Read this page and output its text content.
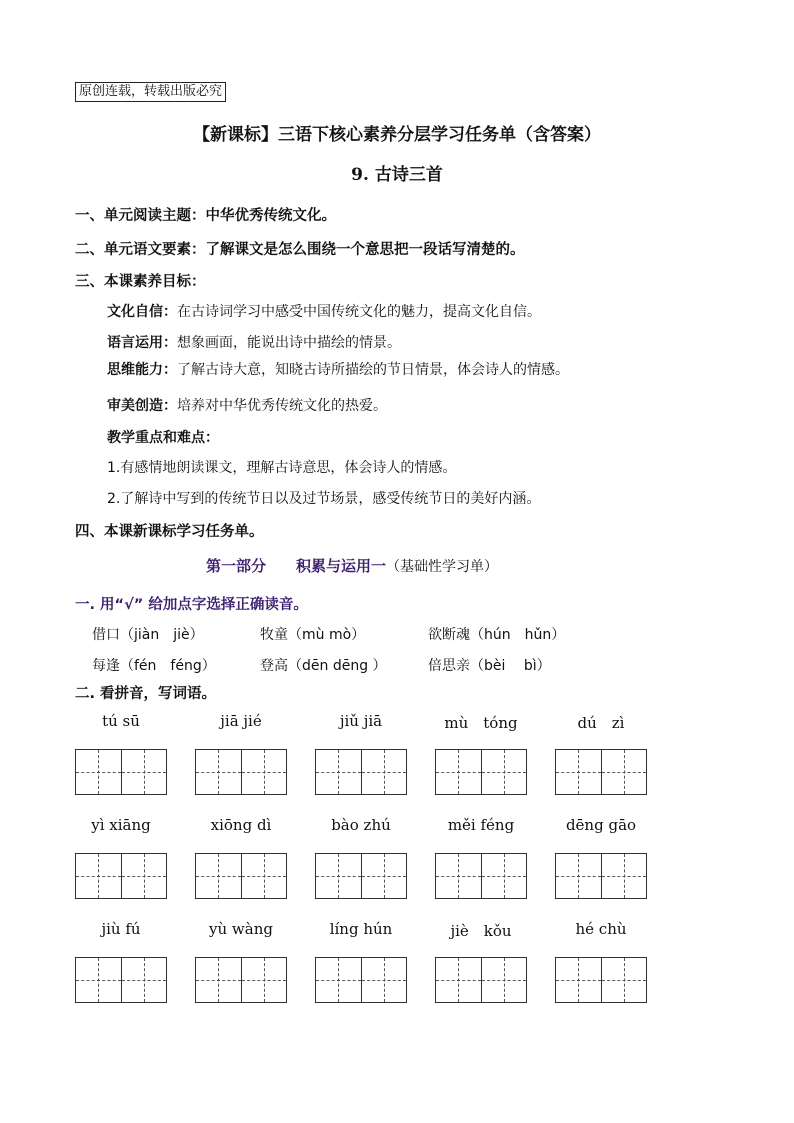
原创连载，转载出版必究
【新课标】三语下核心素养分层学习任务单（含答案）
9. 古诗三首
一、单元阅读主题：中华优秀传统文化。
二、单元语文要素：了解课文是怎么围绕一个意思把一段话写清楚的。
三、本课素养目标：
文化自信：在古诗词学习中感受中国传统文化的魅力，提高文化自信。
语言运用：想象画面，能说出诗中描绘的情景。
思维能力：了解古诗大意，知晓古诗所描绘的节日情景，体会诗人的情感。
审美创造：培养对中华优秀传统文化的热爱。
教学重点和难点：
1.有感情地朗读课文，理解古诗意思，体会诗人的情感。
2.了解诗中写到的传统节日以及过节场景，感受传统节日的美好内涵。
四、本课新课标学习任务单。
第一部分　　积累与运用一（基础性学习单）
一. 用“√” 给加点字选择正确读音。
借口（jiàn　jiè）	牧童（mù mò）	欲断魂（hún　hǔn）
每逢（fén　féng）	登高（dēn dēng ）	倍思亲（bèi　 bì）
二. 看拼音，写词语。
tú sū	jiā jié	jiǔ jiā	mù　tóng	dú　zì
yì xiāng	xiōng dì	bào zhú	měi féng	dēng gāo
jiù fú	yù wàng	líng hún	jiè　kǒu	hé chù
